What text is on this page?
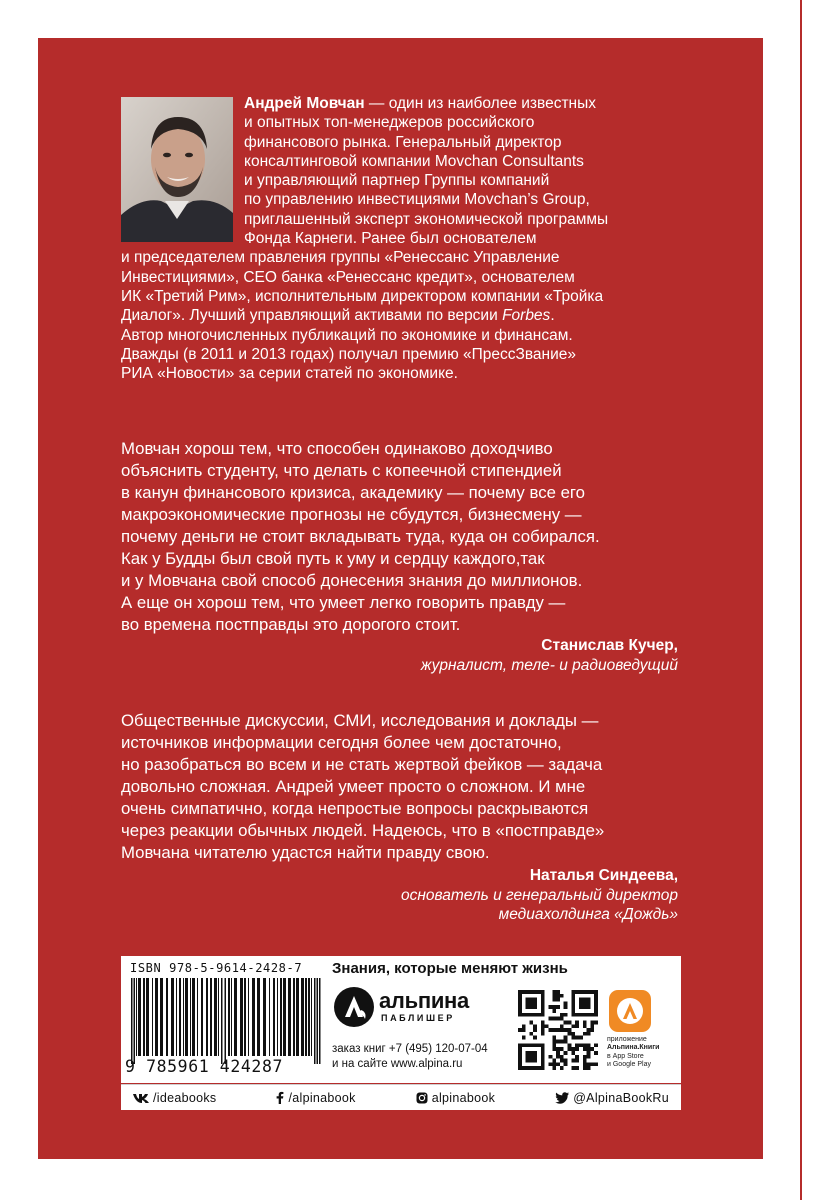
Андрей Мовчан — один из наиболее известных
и опытных топ-менеджеров российского
финансового рынка. Генеральный директор
консалтинговой компании Movchan Consultants
и управляющий партнер Группы компаний
по управлению инвестициями Movchan’s Group,
приглашенный эксперт экономической программы
Фонда Карнеги. Ранее был основателем
и председателем правления группы «Ренессанс Управление
Инвестициями», CEO банка «Ренессанс кредит», основателем
ИК «Третий Рим», исполнительным директором компании «Тройка
Диалог». Лучший управляющий активами по версии Forbes.
Автор многочисленных публикаций по экономике и финансам.
Дважды (в 2011 и 2013 годах) получал премию «ПрессЗвание»
РИА «Новости» за серии статей по экономике.
Мовчан хорош тем, что способен одинаково доходчиво
объяснить студенту, что делать с копеечной стипендией
в канун финансового кризиса, академику — почему все его
макроэкономические прогнозы не сбудутся, бизнесмену —
почему деньги не стоит вкладывать туда, куда он собирался.
Как у Будды был свой путь к уму и сердцу каждого,так
и у Мовчана свой способ донесения знания до миллионов.
А еще он хорош тем, что умеет легко говорить правду —
во времена постправды это дорогого стоит.
Станислав Кучер,
журналист, теле- и радиоведущий
Общественные дискуссии, СМИ, исследования и доклады —
источников информации сегодня более чем достаточно,
но разобраться во всем и не стать жертвой фейков — задача
довольно сложная. Андрей умеет просто о сложном. И мне
очень симпатично, когда непростые вопросы раскрываются
через реакции обычных людей. Надеюсь, что в «постправде»
Мовчана читателю удастся найти правду свою.
Наталья Синдеева,
основатель и генеральный директор
медиахолдинга «Дождь»
ISBN 978-5-9614-2428-7
9 785961 424287
Знания, которые меняют жизнь
альпина
ПАБЛИШЕР
заказ книг +7 (495) 120-07-04
и на сайте www.alpina.ru
приложение
Альпина.Книги
в App Store
и Google Play
/ideabooks	/alpinabook	alpinabook	@AlpinaBookRu
